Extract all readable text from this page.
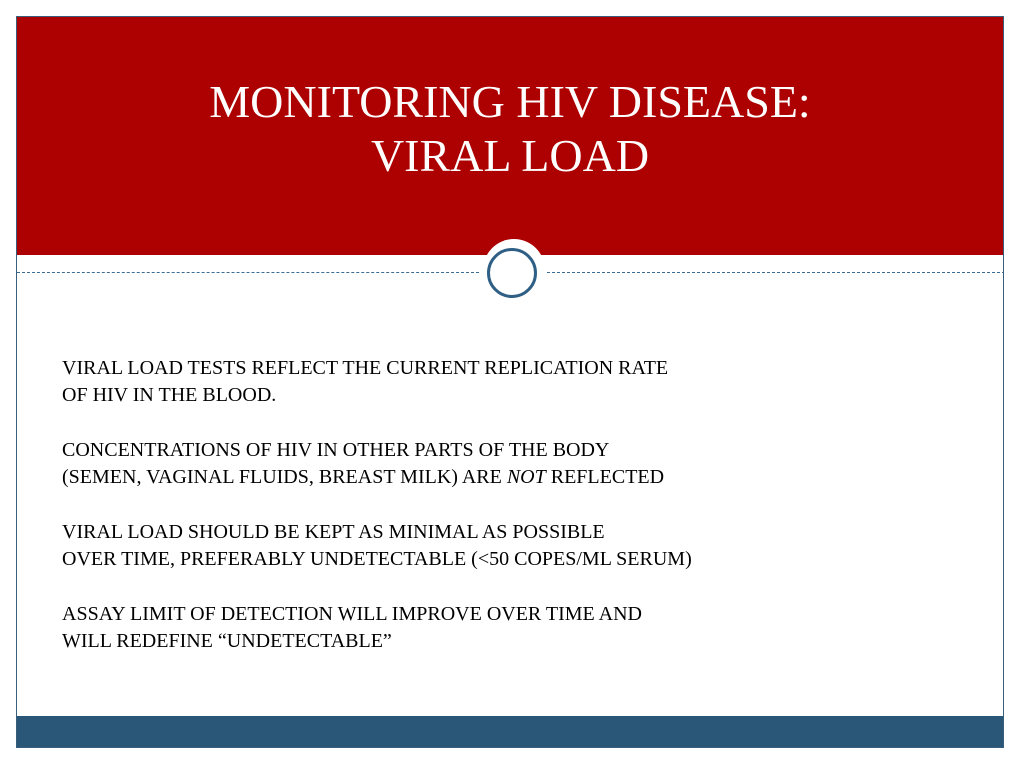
MONITORING HIV DISEASE:
VIRAL LOAD

VIRAL LOAD TESTS REFLECT THE CURRENT REPLICATION RATE
OF HIV IN THE BLOOD.

CONCENTRATIONS OF HIV IN OTHER PARTS OF THE BODY
(SEMEN, VAGINAL FLUIDS, BREAST MILK) ARE NOT REFLECTED

VIRAL LOAD SHOULD BE KEPT AS MINIMAL AS POSSIBLE
OVER TIME, PREFERABLY UNDETECTABLE (<50 COPES/ML SERUM)

ASSAY LIMIT OF DETECTION WILL IMPROVE OVER TIME AND
WILL REDEFINE “UNDETECTABLE”
